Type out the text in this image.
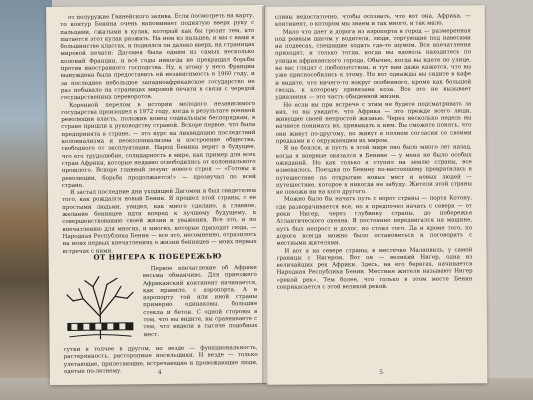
от полуружие Гвинейского залива. Если посмотреть на карту, то контур Бенина очень напоминает поднятую вверх руку с пальцами, сжатыми в кулак, который как бы грозит тем, кто пытается этот кулак разжать. На нем из пальцев, и мы с вами в большинстве классах, и поднялся он далеко вверх, на страницах мировой печати: Дагомея была одним из самых несколько колоний Франции, и всё годы никогда не прекращал борьбы против иностранного господства. Ну, к этому у него Франции вынуждена была предоставить ей независимость в 1960 году, и за последнее небольшое западноафриканское государство не раз побывало на страницах мировой печати в связи с чередой государственных переворотов.

Коренной перелом в истории молодого независимого государства произошел в 1972 году, когда в результате военной революции власть, положив конец социальным беспорядкам, в стране пришли к руководству страной. Вскоре первое, что была предпринята в стране, — это курс на ликвидацию последствий колониализма и неоколониализма и построение общества, свободного от эксплуатации. Народ Бенина верит в будущее, что его трудолюбие, солидарность в мире, как пример для всех стран Африки, которые недавно освободились от колониального прошлого. Вскоре главный лозунг нового строя — «Готовы к революции, борьба продолжается!» — прозвучал по всей стране.

Я застал последние дни уходящей Дагомеи и был свидетелем того, как рождался новый Бенин. Я прошел этой страны, с ее простыми людьми, увидел, как много сделано, а главное, желание бенинцев идти вперед к лучшему будущему, к совершенствованию своей жизни и уважения. Все это, и по впечатлению для многих, и многих, которые приходят сюда, — Народная Республика Бенин — все это, несомненно, отразилось на моих первых впечатлениях о жизни бенинцев — моих первых встречах с ними.

ОТ НИГЕРА К ПОБЕРЕЖЬЮ

Первое впечатление об Африке весьма обманчиво. Для приезжего Африканский континент начинается, как правило, с аэропорта. А в аэропорту той или иной страны примерно одинаковы, большие стекла и бетон. С одной стороны в том, что вы видите, вы сравниваете с тем, что видели в тысяче подобных мест.

сутки в толчее в другом, но везде — функциональность, растерянность, расторопные носильщики. И везде — только улетающие, прилетающие, встречающие и провожающие люди, одетые по-летнему.	4

сливы недостаточно, чтобы осознать, что вот она, Африка, — континент, о котором мы знаем и так много, и так мало.

Мало что дает и дорога из аэропорта в город — размеренная под ровным шагом у водителя, люди, торгующие под навесами на подвесах, спешащие ходить где-то шумом. Все впечатления приходят, и только тогда, когда вы вдоволь находитесь по улицам африканского города. Обычно, когда вы идете по улице, на вас глядят с любопытством, и тут вам даже кажется, что вы уже приспособились к этому. Но вот однажды вы сидите в кафе и видите, что ничего-то вокруг особенного, кроме как большой гвоздь, к которому привязана коза. Все это не вызывает удивления — это часть обыденной жизни.

Но если вы при встрече с этим не будете подсматривать за них, то вы увидите, что Африка — это прежде всего люди, живущие своей непростой жизнью. Через несколько недель вы начнете понимать их, привыкать к ним. Вы сможете понять, что они живут по-другому, но живут в полном согласии со своими предками и с окружающим их миром.

Я не боялся, и пусть в этой мире оно было много лет назад, когда я впервые оказался в Бенине — у меня не было особых ожиданий. Но как только я ступил на землю страны, все изменилось. Поездка по Бенину по-настоящему превратилась в путешествие по открытию новых мест и новых людей — путешествие, которое я никогда не забуду. Жители этой страны не похожи ни на кого другого.

Можно было бы начать путь с ворот страны — порта Котону, где разворачивается все, но я предпочел начать с севера — от реки Нигер, через глубинку страны, до побережья Атлантического океана. Я постоянно передвигался на машине, путь был непрост и долог, но стоил того. Да и кроме того, по дороге всегда можно было остановиться и поговорить с местными жителями.

И вот я на севере страны, в местечке Маланвиль, у самой границы с Нигером. Вот он — великий Нигер, одна из величайших рек Африки. Здесь, на его берегах, начинается Народная Республика Бенин. Местные жители называют Нигер «рекой рек». Тем более, что только в этом месте Бенин соприкасается с этой великой рекой.

5
